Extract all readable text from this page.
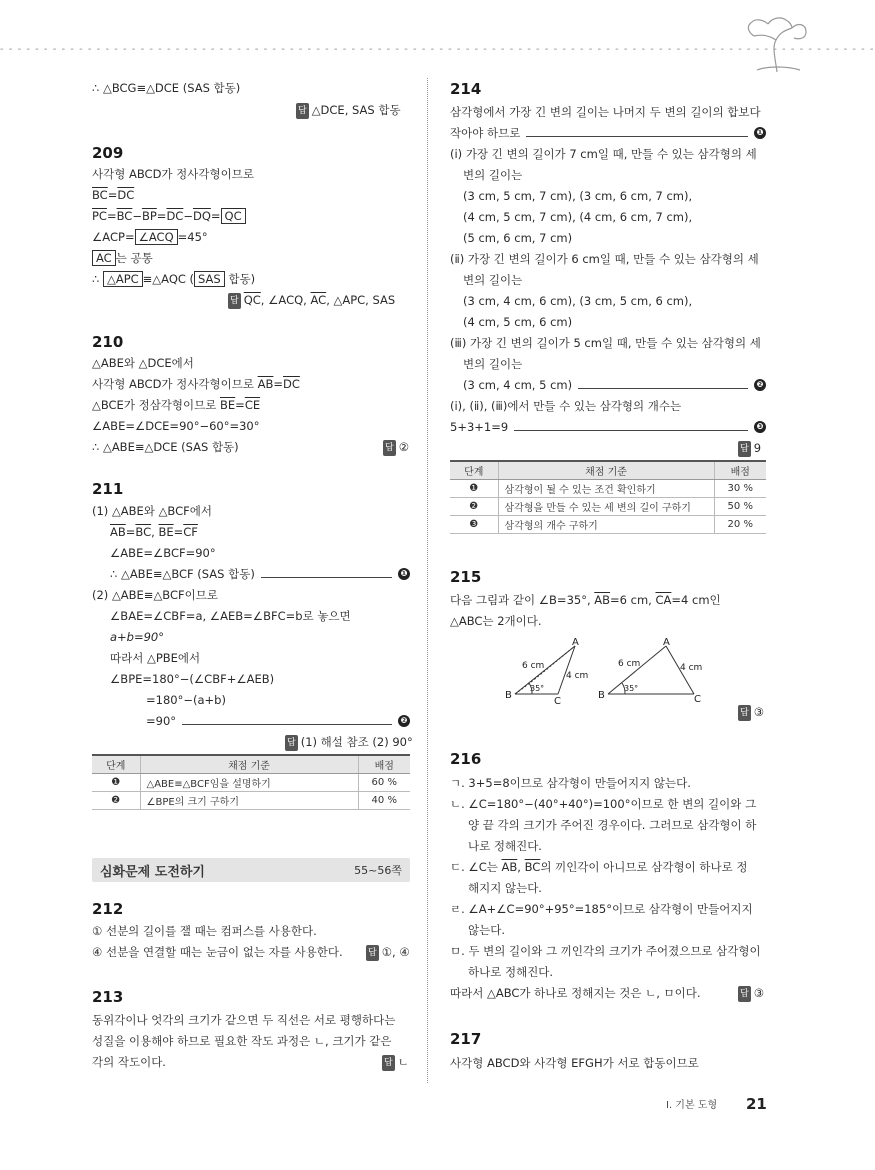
- - - - - - - - - - - - - - - - - - - - - - - - - - - - - - - - - - - - - - - - - - - - - - - - - - - - - - - - - - - - - - - - - - - - - - - - - - - - - - - - - - - - - - - - - - - - - - - - - - - -
∴ △BCG≡△DCE (SAS 합동)
답 △DCE, SAS 합동
209
사각형 ABCD가 정사각형이므로
$\overline{BC}=\overline{DC}$
$\overline{PC}=\overline{BC}-\overline{BP}=\overline{DC}-\overline{DQ}= \overline{QC}$
∠ACP= ∠ACQ =45°
$\overline{AC}$ 는 공통
∴ △APC ≡△AQC ( SAS 합동)
답 $\overline{QC}$, ∠ACQ, $\overline{AC}$, △APC, SAS
210
△ABE와 △DCE에서
사각형 ABCD가 정사각형이므로 $\overline{AB}=\overline{DC}$
△BCE가 정삼각형이므로 $\overline{BE}=\overline{CE}$
∠ABE=∠DCE=90°−60°=30°
∴ △ABE≡△DCE (SAS 합동)	답 ②
211
(1) △ABE와 △BCF에서
$\overline{AB}=\overline{BC}$, $\overline{BE}=\overline{CF}$
∠ABE=∠BCF=90°
∴ △ABE≡△BCF (SAS 합동)	❶
(2) △ABE≡△BCF이므로
∠BAE=∠CBF=a, ∠AEB=∠BFC=b로 놓으면
a+b=90°
따라서 △PBE에서
∠BPE=180°−(∠CBF+∠AEB)
=180°−(a+b)
=90°	❷
답 (1) 해설 참조 (2) 90°
단계	채점 기준	배점
❶	△ABE≡△BCF임을 설명하기	60 %
❷	∠BPE의 크기 구하기	40 %
심화문제 도전하기	55~56쪽
212
① 선분의 길이를 잴 때는 컴퍼스를 사용한다.
④ 선분을 연결할 때는 눈금이 없는 자를 사용한다.	답 ①, ④
213
동위각이나 엇각의 크기가 같으면 두 직선은 서로 평행하다는
성질을 이용해야 하므로 필요한 작도 과정은 ㄴ, 크기가 같은
각의 작도이다.	답 ㄴ
214
삼각형에서 가장 긴 변의 길이는 나머지 두 변의 길이의 합보다
작아야 하므로	❶
(ⅰ) 가장 긴 변의 길이가 7 cm일 때, 만들 수 있는 삼각형의 세
변의 길이는
(3 cm, 5 cm, 7 cm), (3 cm, 6 cm, 7 cm),
(4 cm, 5 cm, 7 cm), (4 cm, 6 cm, 7 cm),
(5 cm, 6 cm, 7 cm)
(ⅱ) 가장 긴 변의 길이가 6 cm일 때, 만들 수 있는 삼각형의 세
변의 길이는
(3 cm, 4 cm, 6 cm), (3 cm, 5 cm, 6 cm),
(4 cm, 5 cm, 6 cm)
(ⅲ) 가장 긴 변의 길이가 5 cm일 때, 만들 수 있는 삼각형의 세
변의 길이는
(3 cm, 4 cm, 5 cm)	❷
(ⅰ), (ⅱ), (ⅲ)에서 만들 수 있는 삼각형의 개수는
5+3+1=9	❸
답 9
단계	채점 기준	배점
❶	삼각형이 될 수 있는 조건 확인하기	30 %
❷	삼각형을 만들 수 있는 세 변의 길이 구하기	50 %
❸	삼각형의 개수 구하기	20 %
215
다음 그림과 같이 ∠B=35°, $\overline{AB}=6$ cm, $\overline{CA}=4$ cm인
△ABC는 2개이다.
A
B
C
6 cm
4 cm
35°
A
B	C
6 cm	4 cm
35°
답 ③
216
ㄱ. 3+5=8이므로 삼각형이 만들어지지 않는다.
ㄴ. ∠C=180°−(40°+40°)=100°이므로 한 변의 길이와 그
양 끝 각의 크기가 주어진 경우이다. 그러므로 삼각형이 하
나로 정해진다.
ㄷ. ∠C는 $\overline{AB}$, $\overline{BC}$의 끼인각이 아니므로 삼각형이 하나로 정
해지지 않는다.
ㄹ. ∠A+∠C=90°+95°=185°이므로 삼각형이 만들어지지
않는다.
ㅁ. 두 변의 길이와 그 끼인각의 크기가 주어졌으므로 삼각형이
하나로 정해진다.
따라서 △ABC가 하나로 정해지는 것은 ㄴ, ㅁ이다.	답 ③
217
사각형 ABCD와 사각형 EFGH가 서로 합동이므로
Ⅰ. 기본 도형 21
